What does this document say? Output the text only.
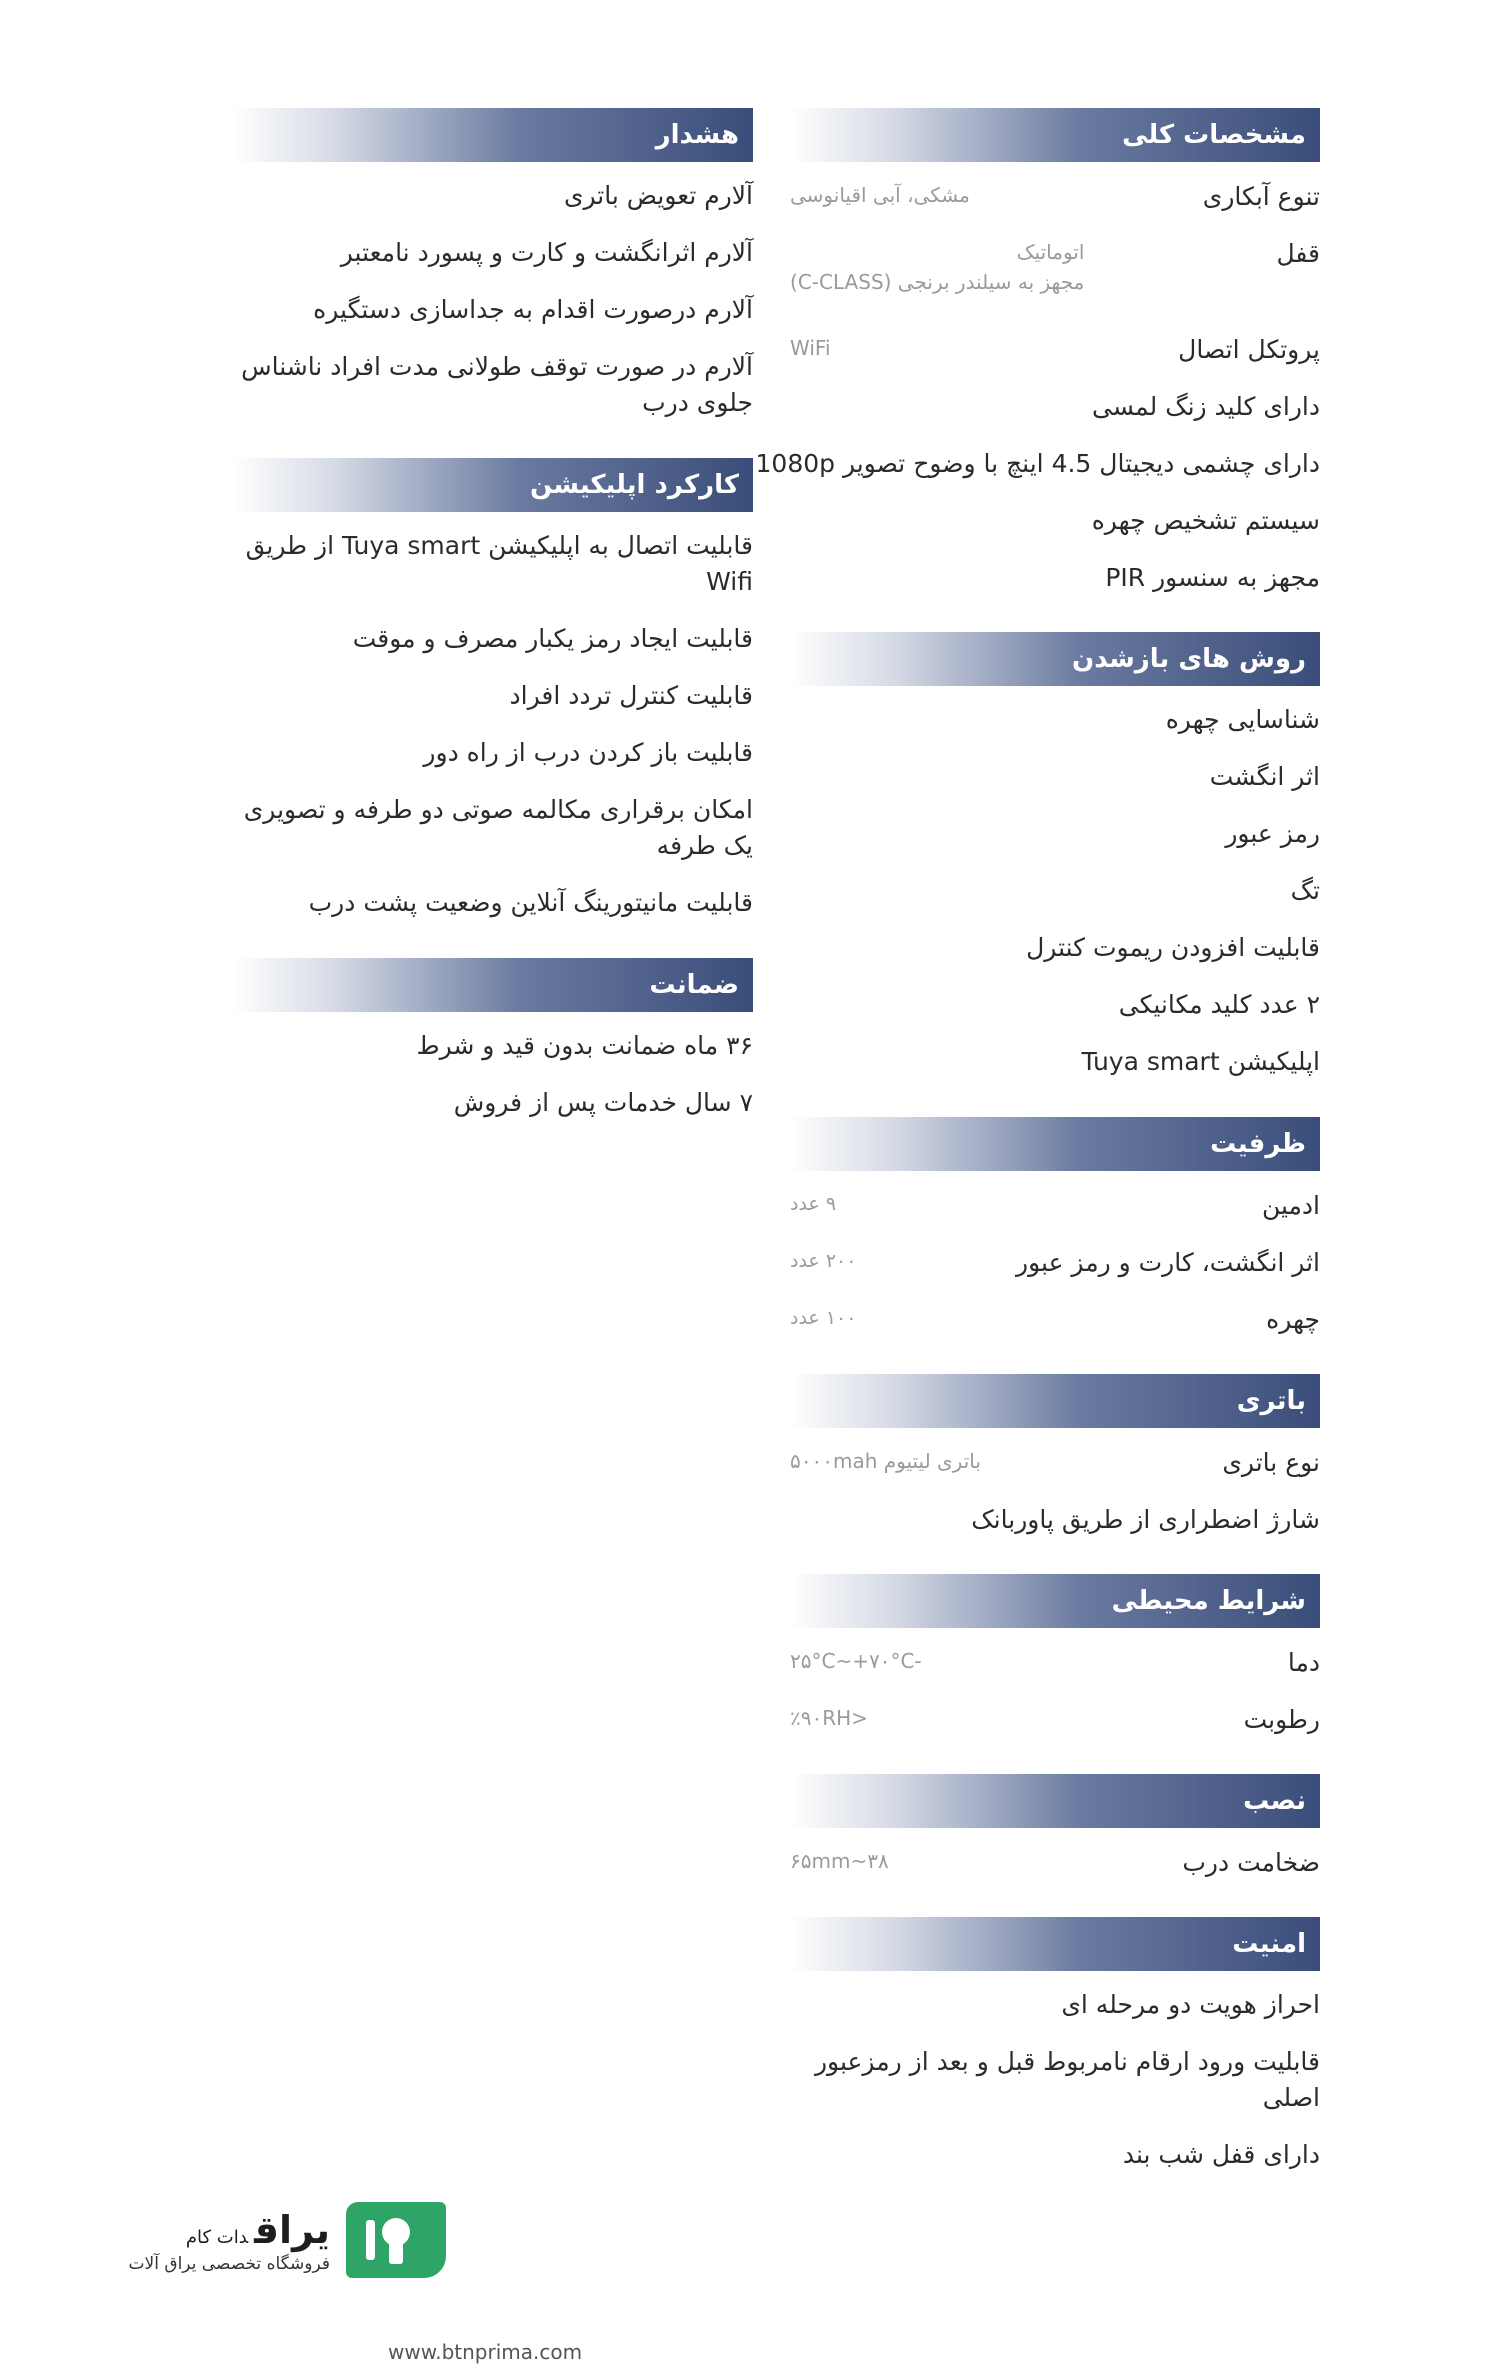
مشخصات کلی
تنوع آبکاری
مشکی، آبی اقیانوسی
قفل
اتوماتیک
مجهز به سیلندر برنجی (C-CLASS)
پروتکل اتصال
WiFi
دارای کلید زنگ لمسی
دارای چشمی دیجیتال 4.5 اینچ با وضوح تصویر 1080p
سیستم تشخیص چهره
مجهز به سنسور PIR
روش های بازشدن
شناسایی چهره
اثر انگشت
رمز عبور
تگ
قابلیت افزودن ریموت کنترل
۲ عدد کلید مکانیکی
اپلیکیشن Tuya smart
ظرفیت
ادمین
۹ عدد
اثر انگشت، کارت و رمز عبور
۲۰۰ عدد
چهره
۱۰۰ عدد
باتری
نوع باتری
باتری لیتیوم ۵۰۰۰mah
شارژ اضطراری از طریق پاوربانک
شرایط محیطی
دما
-۲۵°C~+۷۰°C
رطوبت
<٪۹۰RH
نصب
ضخامت درب
۳۸~۶۵mm
امنیت
احراز هویت دو مرحله ای
قابلیت ورود ارقام نامربوط قبل و بعد از رمزعبور اصلی
دارای قفل شب بند
هشدار
آلارم تعویض باتری
آلارم اثرانگشت و کارت و پسورد نامعتبر
آلارم درصورت اقدام به جداسازی دستگیره
آلارم در صورت توقف طولانی مدت افراد ناشناس جلوی درب
کارکرد اپلیکیشن
قابلیت اتصال به اپلیکیشن Tuya smart از طریق Wifi
قابلیت ایجاد رمز یکبار مصرف و موقت
قابلیت کنترل تردد افراد
قابلیت باز کردن درب از راه دور
امکان برقراری مکالمه صوتی دو طرفه و تصویری یک طرفه
قابلیت مانیتورینگ آنلاین وضعیت پشت درب
ضمانت
۳۶ ماه ضمانت بدون قید و شرط
۷ سال خدمات پس از فروش
یراقدات کام
فروشگاه تخصصی یراق آلات
www.btnprima.com
